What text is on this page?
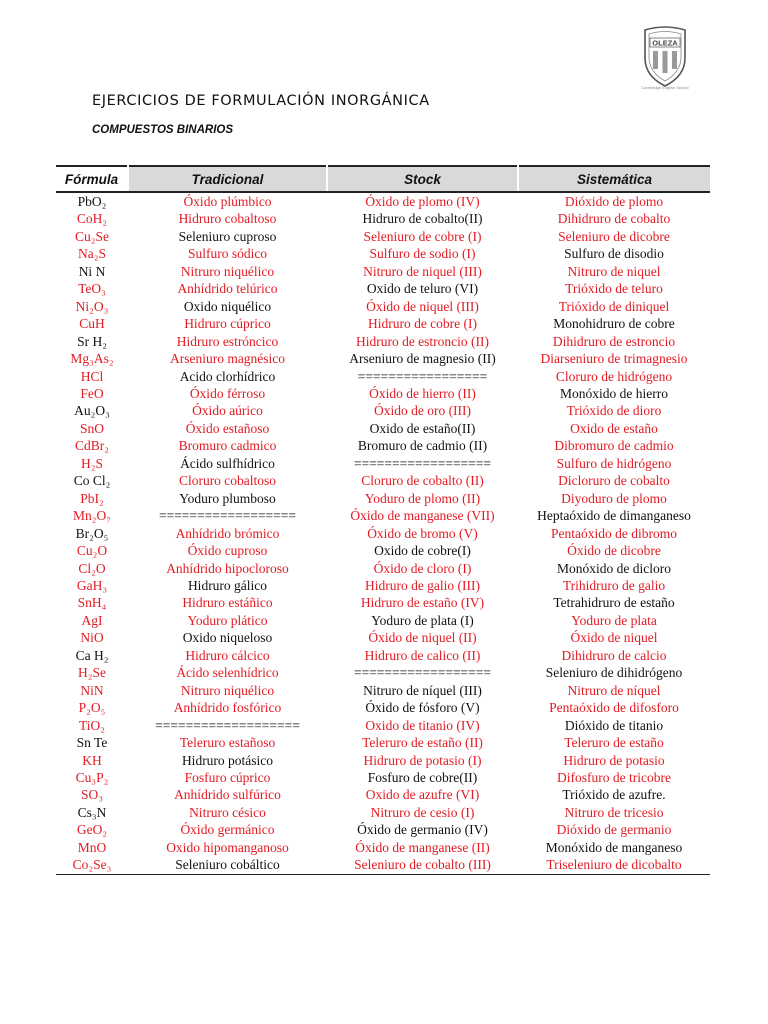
OLEZA
Cambridge English School
EJERCICIOS DE FORMULACIÓN INORGÁNICA
COMPUESTOS BINARIOS
Fórmula	Tradicional	Stock	Sistemática
PbO₂	Óxido plúmbico	Óxido de plomo (IV)	Dióxido de plomo
CoH₂	Hidruro cobaltoso	Hidruro de cobalto(II)	Dihidruro de cobalto
Cu₂Se	Seleniuro cuproso	Seleniuro de cobre (I)	Seleniuro de dicobre
Na₂S	Sulfuro sódico	Sulfuro de sodio (I)	Sulfuro de disodio
Ni N	Nitruro niquélico	Nitruro de niquel (III)	Nitruro de niquel
TeO₃	Anhídrido telúrico	Oxido de teluro (VI)	Trióxido de teluro
Ni₂O₃	Oxido niquélico	Óxido de niquel (III)	Trióxido de diniquel
CuH	Hidruro cúprico	Hidruro de cobre (I)	Monohidruro de cobre
Sr H₂	Hidruro estróncico	Hidruro de estroncio (II)	Dihidruro de estroncio
Mg₃As₂	Arseniuro magnésico	Arseniuro de magnesio (II)	Diarseniuro de trimagnesio
HCl	Acido clorhídrico	=================	Cloruro de hidrógeno
FeO	Óxido férroso	Óxido de hierro (II)	Monóxido de hierro
Au₂O₃	Óxido aúrico	Óxido de oro (III)	Trióxido de dioro
SnO	Óxido estañoso	Oxido de estaño(II)	Oxido de estaño
CdBr₂	Bromuro cadmico	Bromuro de cadmio (II)	Dibromuro de cadmio
H₂S	Ácido sulfhídrico	==================	Sulfuro de hidrógeno
Co Cl₂	Cloruro cobaltoso	Cloruro de cobalto (II)	Dicloruro de cobalto
PbI₂	Yoduro plumboso	Yoduro de plomo (II)	Diyoduro de plomo
Mn₂O₇	==================	Óxido de manganese (VII)	Heptaóxido de dimanganeso
Br₂O₅	Anhídrido brómico	Óxido de bromo (V)	Pentaóxido de dibromo
Cu₂O	Óxido cuproso	Oxido de cobre(I)	Óxido de dicobre
Cl₂O	Anhídrido hipocloroso	Óxido de cloro (I)	Monóxido de dicloro
GaH₃	Hidruro gálico	Hidruro de galio (III)	Trihidruro de galio
SnH₄	Hidruro estáñico	Hidruro de estaño (IV)	Tetrahidruro de estaño
AgI	Yoduro plático	Yoduro de plata (I)	Yoduro de plata
NiO	Oxido niqueloso	Óxido de niquel (II)	Óxido de niquel
Ca H₂	Hidruro cálcico	Hidruro de calico (II)	Dihidruro de calcio
H₂Se	Ácido selenhídrico	==================	Seleniuro de dihidrógeno
NiN	Nitruro niquélico	Nitruro de níquel (III)	Nitruro de níquel
P₂O₅	Anhídrido fosfórico	Óxido de fósforo (V)	Pentaóxido de difosforo
TiO₂	===================	Oxido de titanio (IV)	Dióxido de titanio
Sn Te	Teleruro estañoso	Teleruro de estaño (II)	Teleruro de estaño
KH	Hidruro potásico	Hidruro de potasio (I)	Hidruro de potasio
Cu₃P₂	Fosfuro cúprico	Fosfuro de cobre(II)	Difosfuro de tricobre
SO₃	Anhídrido sulfúrico	Oxido de azufre (VI)	Trióxido de azufre.
Cs₃N	Nitruro césico	Nitruro de cesio (I)	Nitruro de tricesio
GeO₂	Óxido germánico	Óxido de germanio (IV)	Dióxido de germanio
MnO	Oxido hipomanganoso	Óxido de manganese (II)	Monóxido de manganeso
Co₂Se₃	Seleniuro cobáltico	Seleniuro de cobalto (III)	Triseleniuro de dicobalto
